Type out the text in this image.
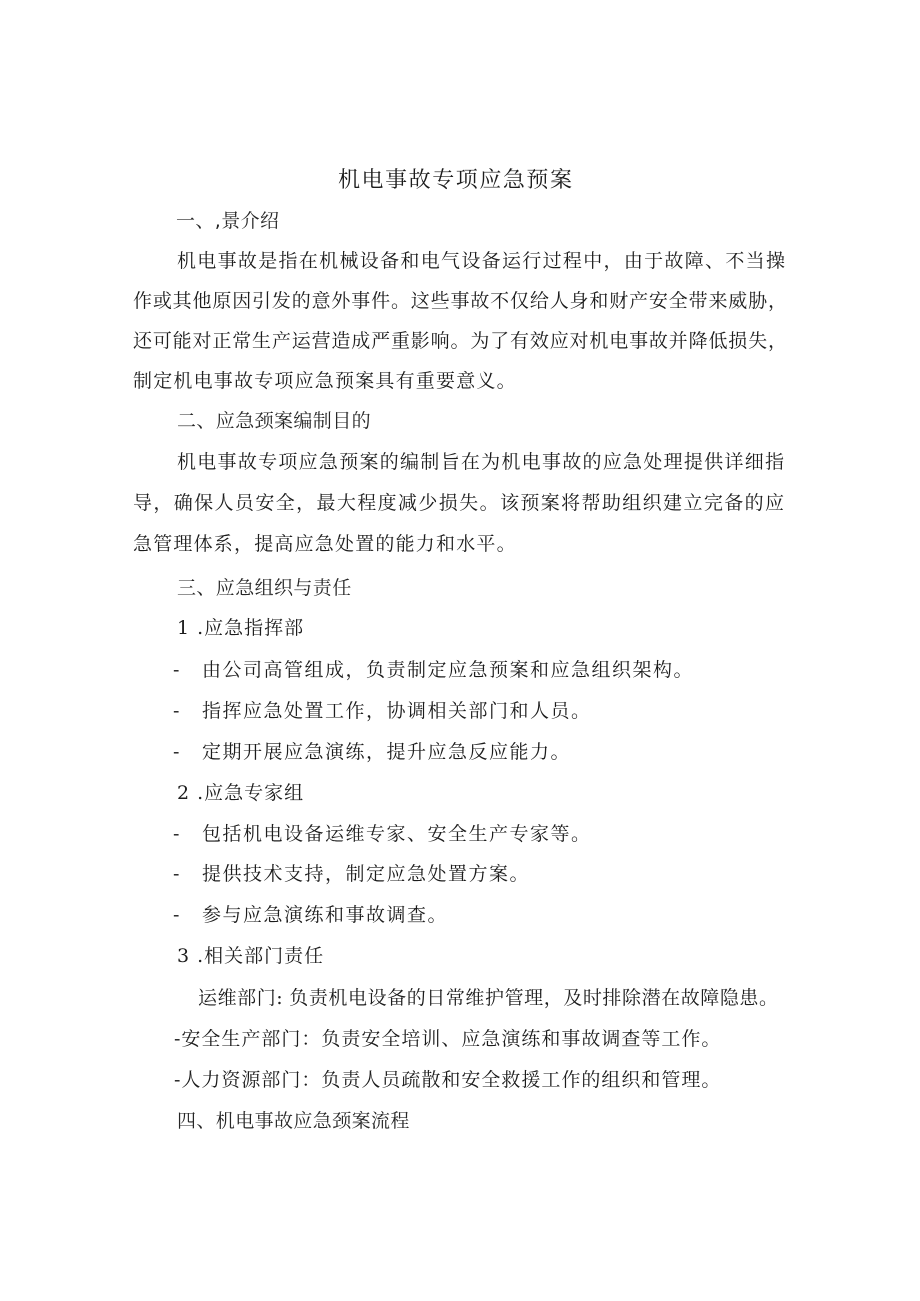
机电事故专项应急预案
一、,景介绍
机电事故是指在机械设备和电气设备运行过程中，由于故障、不当操
作或其他原因引发的意外事件。这些事故不仅给人身和财产安全带来威胁，
还可能对正常生产运营造成严重影响。为了有效应对机电事故并降低损失，
制定机电事故专项应急预案具有重要意义。
二、应急颈案编制目的
机电事故专项应急预案的编制旨在为机电事故的应急处理提供详细指
导，确保人员安全，最大程度减少损失。该预案将帮助组织建立完备的应
急管理体系，提高应急处置的能力和水平。
三、应急组织与责任
1 .应急指挥部
- 由公司高管组成，负责制定应急预案和应急组织架构。
- 指挥应急处置工作，协调相关部门和人员。
- 定期开展应急演练，提升应急反应能力。
2 .应急专家组
- 包括机电设备运维专家、安全生产专家等。
- 提供技术支持，制定应急处置方案。
- 参与应急演练和事故调查。
3 .相关部门责任
运维部门: 负责机电设备的日常维护管理，及时排除潜在故障隐患。
-安全生产部门：负责安全培训、应急演练和事故调查等工作。
-人力资源部门：负责人员疏散和安全救援工作的组织和管理。
四、机电事故应急颈案流程
